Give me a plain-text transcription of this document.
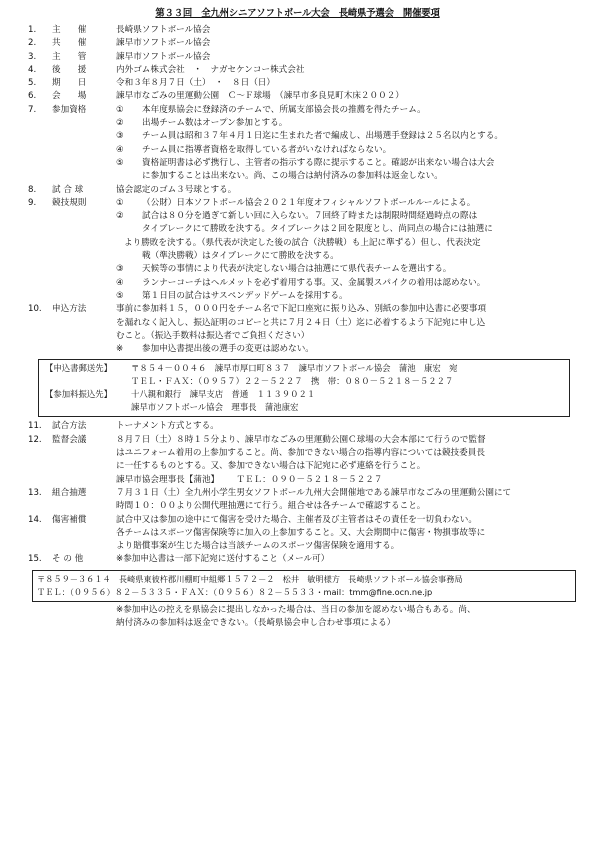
第３３回　全九州シニアソフトボール大会　長崎県予選会　開催要項
1.	主　　催	長崎県ソフトボール協会
2.	共　　催	諫早市ソフトボール協会
3.	主　　管	諫早市ソフトボール協会
4.	後　　援	内外ゴム株式会社　・　ナガセケンコー株式会社
5.	期　　日	令和３年８月７日（土）　・　８日（日）
6.	会　　場	諫早市なごみの里運動公園　Ｃ～Ｆ球場　（諫早市多良見町木床２００２）
7.	参加資格	①	本年度県協会に登録済のチームで、所属支部協会長の推薦を得たチーム。
②	出場チーム数はオープン参加とする。
③	チーム員は昭和３７年４月１日迄に生まれた者で編成し、出場選手登録は２５名以内とする。
④	チーム員に指導者資格を取得している者がいなければならない。
⑤	資格証明書は必ず携行し、主管者の指示する際に提示すること。確認が出来ない場合は大会
に参加することは出来ない。尚、この場合は納付済みの参加料は返金しない。
8.	試 合 球	協会認定のゴム３号球とする。
9.	競技規則	①	（公財）日本ソフトボール協会２０２１年度オフィシャルソフトボールルールによる。
②	試合は８０分を過ぎて新しい回に入らない。７回終了時または制限時間経過時点の際は
タイブレークにて勝敗を決する。タイブレークは２回を限度とし、尚同点の場合には抽選に
より勝敗を決する。（県代表が決定した後の試合（決勝戦）も上記に準ずる）但し、代表決定
戦（準決勝戦）はタイブレークにて勝敗を決する。
③	天候等の事情により代表が決定しない場合は抽選にて県代表チームを選出する。
④	ランナーコーチはヘルメットを必ず着用する事。又、金属製スパイクの着用は認めない。
⑤	第１日目の試合はサスペンデッドゲームを採用する。
10.	申込方法	事前に参加料１５，０００円をチーム名で下記口座宛に振り込み、別紙の参加申込書に必要事項
を漏れなく記入し、振込証明のコピーと共に７月２４日（土）迄に必着するよう下記宛に申し込
むこと。（振込手数料は振込者でご負担ください）
※	参加申込書提出後の選手の変更は認めない。
【申込書郵送先】 〒８５４－００４６　諫早市厚口町８３７　諫早市ソフトボール協会　蒲池　康宏　宛
ＴＥＬ・ＦＡＸ：（０９５７）２２－５２２７　携　帯：０８０－５２１８－５２２７
【参加料振込先】 十八親和銀行　諫早支店　普通　１１３９０２１
諫早市ソフトボール協会　理事長　蒲池康宏
11.	試合方法	トーナメント方式とする。
12.	監督会議	８月７日（土）８時１５分より、諫早市なごみの里運動公園Ｃ球場の大会本部にて行うので監督
はユニフォーム着用の上参加すること。尚、参加できない場合の指導内容については競技委員長
に一任するものとする。又、参加できない場合は下記宛に必ず連絡を行うこと。
諫早市協会理事長【蒲池】   ＴＥＬ：０９０－５２１８－５２２７
13.	組合抽選	７月３１日（土）全九州小学生男女ソフトボール九州大会開催地である諫早市なごみの里運動公園にて
時間１０：００より公開代理抽選にて行う。組合せは各チームで確認すること。
14.	傷害補償	試合中又は参加の途中にて傷害を受けた場合、主催者及び主管者はその責任を一切負わない。
各チームはスポーツ傷害保険等に加入の上参加すること。又、大会期間中に傷害・物損事故等に
より賠償事案が生じた場合は当該チームのスポーツ傷害保険を適用する。
15.	そ の 他	※参加申込書は一部下記宛に送付すること（メール可）
〒８５９－３６１４　長崎県東彼杵郡川棚町中組郷１５７２－２　松井　敏明様方　長崎県ソフトボール協会事務局
ＴＥＬ：（０９５６）８２－５３３５・ＦＡＸ：（０９５６）８２－５５３３・mail：tmm@fine.ocn.ne.jp
※参加申込の控えを県協会に提出しなかった場合は、当日の参加を認めない場合もある。尚、
納付済みの参加料は返金できない。（長崎県協会申し合わせ事項による）
